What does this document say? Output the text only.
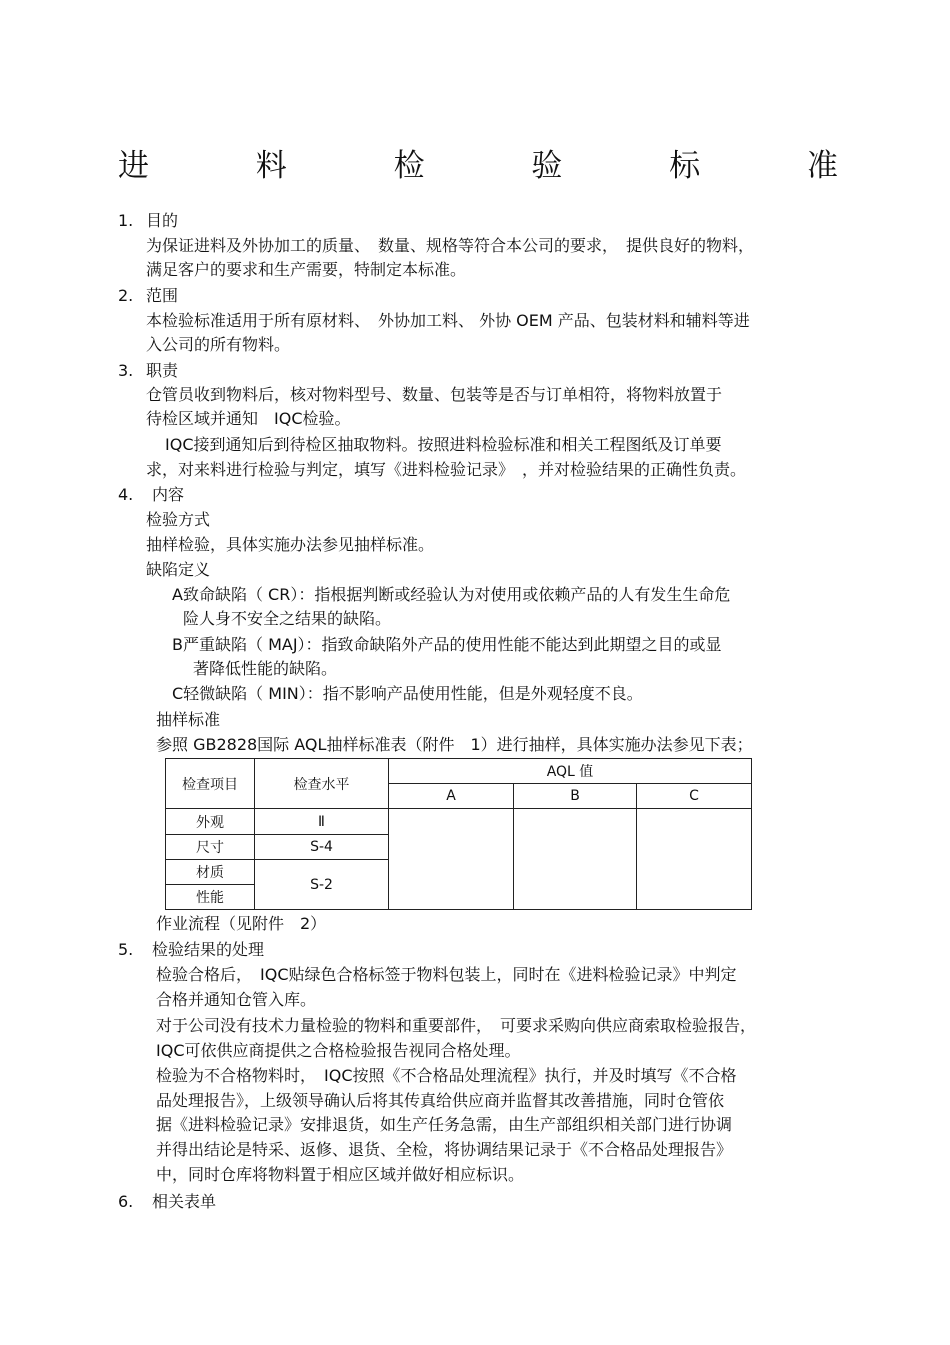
进	料	检	验	标	准
1. 目的
为保证进料及外协加工的质量、　数量、规格等符合本公司的要求，　提供良好的物料，
满足客户的要求和生产需要，特制定本标准。
2. 范围
本检验标准适用于所有原材料、　外协加工料、 外协 OEM 产品、包装材料和辅料等进
入公司的所有物料。
3. 职责
仓管员收到物料后，核对物料型号、数量、包装等是否与订单相符，将物料放置于
待检区域并通知　IQC检验。
IQC接到通知后到待检区抽取物料。按照进料检验标准和相关工程图纸及订单要
求，对来料进行检验与判定，填写《进料检验记录》　，并对检验结果的正确性负责。
4. 内容
检验方式
抽样检验，具体实施办法参见抽样标准。
缺陷定义
A致命缺陷（ CR）：指根据判断或经验认为对使用或依赖产品的人有发生生命危
险人身不安全之结果的缺陷。
B严重缺陷（ MAJ）：指致命缺陷外产品的使用性能不能达到此期望之目的或显
著降低性能的缺陷。
C轻微缺陷（ MIN）：指不影响产品使用性能，但是外观轻度不良。
抽样标准
参照 GB2828国际 AQL抽样标准表（附件　1）进行抽样，具体实施办法参见下表；
检查项目	检查水平	AQL 值		
		A	B	C
外观	Ⅱ			
尺寸	S-4			
材质	S-2			
性能				
作业流程（见附件　2）
5. 检验结果的处理
检验合格后，　IQC贴绿色合格标签于物料包装上，同时在《进料检验记录》中判定
合格并通知仓管入库。
对于公司没有技术力量检验的物料和重要部件，　可要求采购向供应商索取检验报告，
IQC可依供应商提供之合格检验报告视同合格处理。
检验为不合格物料时，　IQC按照《不合格品处理流程》执行，并及时填写《不合格
品处理报告》，上级领导确认后将其传真给供应商并监督其改善措施，同时仓管依
据《进料检验记录》安排退货，如生产任务急需，由生产部组织相关部门进行协调
并得出结论是特采、返修、退货、全检，将协调结果记录于《不合格品处理报告》
中，同时仓库将物料置于相应区域并做好相应标识。
6. 相关表单
